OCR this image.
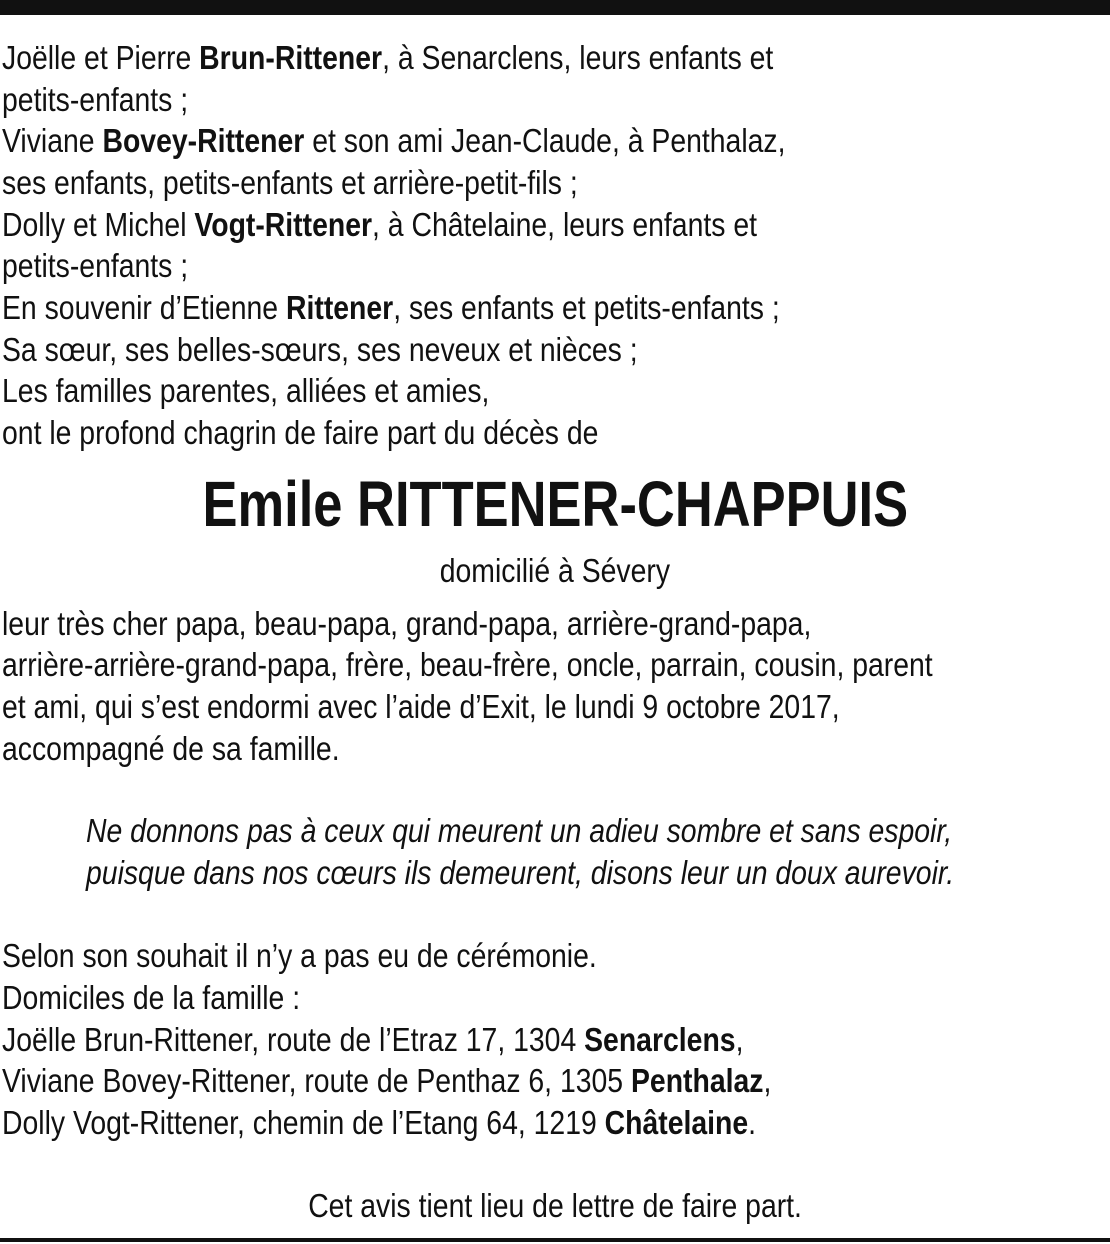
Joëlle et Pierre Brun-Rittener, à Senarclens, leurs enfants et
petits-enfants ;
Viviane Bovey-Rittener et son ami Jean-Claude, à Penthalaz,
ses enfants, petits-enfants et arrière-petit-fils ;
Dolly et Michel Vogt-Rittener, à Châtelaine, leurs enfants et
petits-enfants ;
En souvenir d’Etienne Rittener, ses enfants et petits-enfants ;
Sa sœur, ses belles-sœurs, ses neveux et nièces ;
Les familles parentes, alliées et amies,
ont le profond chagrin de faire part du décès de
Emile RITTENER-CHAPPUIS
domicilié à Sévery
leur très cher papa, beau-papa, grand-papa, arrière-grand-papa,
arrière-arrière-grand-papa, frère, beau-frère, oncle, parrain, cousin, parent
et ami, qui s’est endormi avec l’aide d’Exit, le lundi 9 octobre 2017,
accompagné de sa famille.
Ne donnons pas à ceux qui meurent un adieu sombre et sans espoir,
puisque dans nos cœurs ils demeurent, disons leur un doux aurevoir.
Selon son souhait il n’y a pas eu de cérémonie.
Domiciles de la famille :
Joëlle Brun-Rittener, route de l’Etraz 17, 1304 Senarclens,
Viviane Bovey-Rittener, route de Penthaz 6, 1305 Penthalaz,
Dolly Vogt-Rittener, chemin de l’Etang 64, 1219 Châtelaine.
Cet avis tient lieu de lettre de faire part.
